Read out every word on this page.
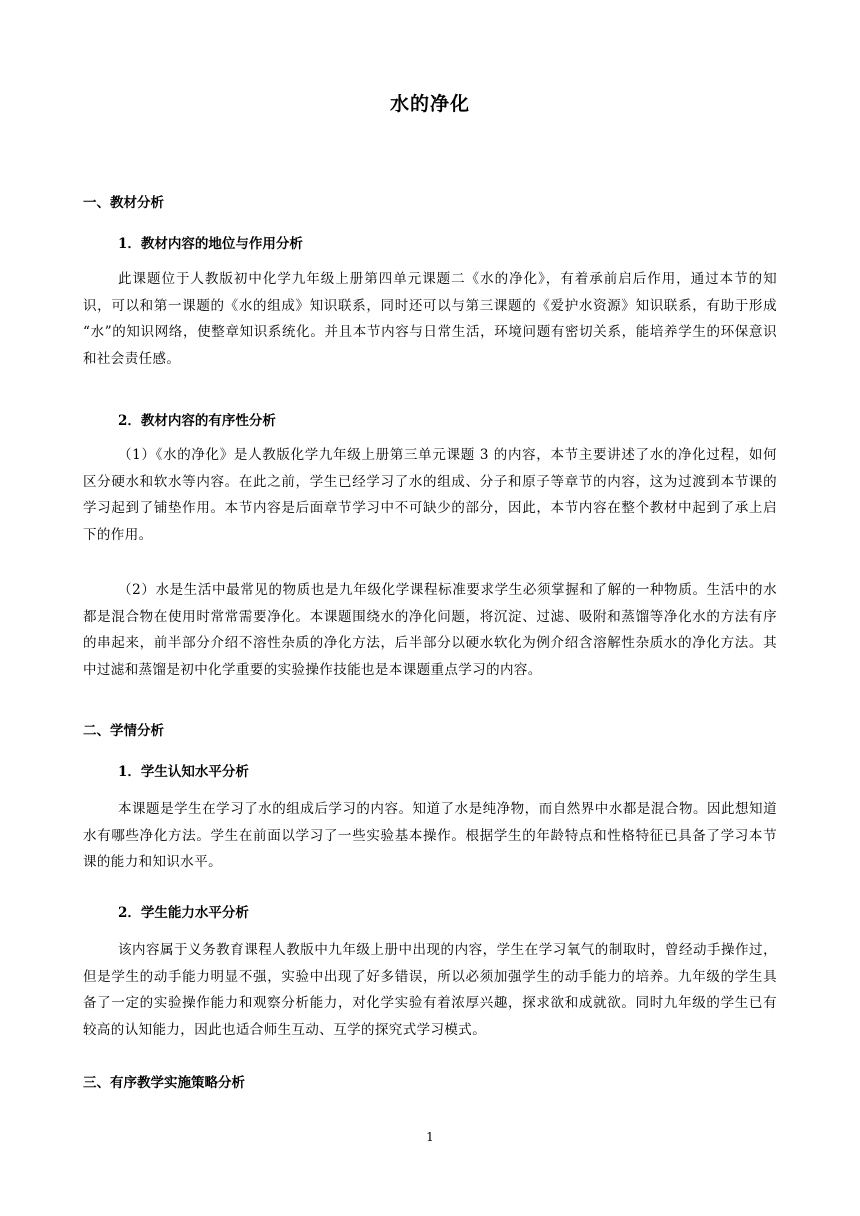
水的净化
一、教材分析
1．教材内容的地位与作用分析

此课题位于人教版初中化学九年级上册第四单元课题二《水的净化》，有着承前启后作用，通过本节的知识，可以和第一课题的《水的组成》知识联系，同时还可以与第三课题的《爱护水资源》知识联系，有助于形成 “水”的知识网络，使整章知识系统化。并且本节内容与日常生活，环境问题有密切关系，能培养学生的环保意识和社会责任感。

2．教材内容的有序性分析

（1）《水的净化》是人教版化学九年级上册第三单元课题 3 的内容，本节主要讲述了水的净化过程，如何区分硬水和软水等内容。在此之前，学生已经学习了水的组成、分子和原子等章节的内容，这为过渡到本节课的学习起到了铺垫作用。本节内容是后面章节学习中不可缺少的部分，因此，本节内容在整个教材中起到了承上启下的作用。

（2）水是生活中最常见的物质也是九年级化学课程标准要求学生必须掌握和了解的一种物质。生活中的水都是混合物在使用时常常需要净化。本课题围绕水的净化问题，将沉淀、过滤、吸附和蒸馏等净化水的方法有序的串起来，前半部分介绍不溶性杂质的净化方法，后半部分以硬水软化为例介绍含溶解性杂质水的净化方法。其中过滤和蒸馏是初中化学重要的实验操作技能也是本课题重点学习的内容。

二、学情分析
1．学生认知水平分析

本课题是学生在学习了水的组成后学习的内容。知道了水是纯净物，而自然界中水都是混合物。因此想知道水有哪些净化方法。学生在前面以学习了一些实验基本操作。根据学生的年龄特点和性格特征已具备了学习本节课的能力和知识水平。

2．学生能力水平分析

该内容属于义务教育课程人教版中九年级上册中出现的内容，学生在学习氧气的制取时，曾经动手操作过，但是学生的动手能力明显不强，实验中出现了好多错误，所以必须加强学生的动手能力的培养。九年级的学生具备了一定的实验操作能力和观察分析能力，对化学实验有着浓厚兴趣，探求欲和成就欲。同时九年级的学生已有较高的认知能力，因此也适合师生互动、互学的探究式学习模式。

三、有序教学实施策略分析
1
